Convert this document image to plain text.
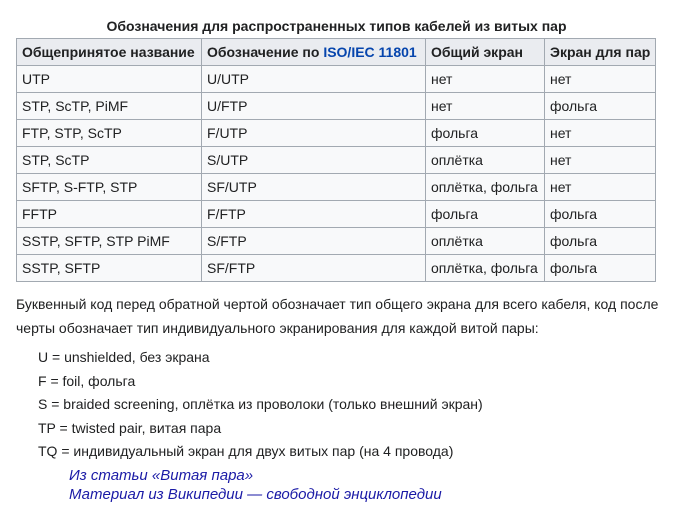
Обозначения для распространенных типов кабелей из витых пар
Общепринятое название	Обозначение по ISO/IEC 11801	Общий экран	Экран для пар
UTP	U/UTP	нет	нет
STP, ScTP, PiMF	U/FTP	нет	фольга
FTP, STP, ScTP	F/UTP	фольга	нет
STP, ScTP	S/UTP	оплётка	нет
SFTP, S-FTP, STP	SF/UTP	оплётка, фольга	нет
FFTP	F/FTP	фольга	фольга
SSTP, SFTP, STP PiMF	S/FTP	оплётка	фольга
SSTP, SFTP	SF/FTP	оплётка, фольга	фольга
Буквенный код перед обратной чертой обозначает тип общего экрана для всего кабеля, код после черты обозначает тип индивидуального экранирования для каждой витой пары:
U = unshielded, без экрана
F = foil, фольга
S = braided screening, оплётка из проволоки (только внешний экран)
TP = twisted pair, витая пара
TQ = индивидуальный экран для двух витых пар (на 4 провода)
Из статьи «Витая пара»
Материал из Википедии — свободной энциклопедии
